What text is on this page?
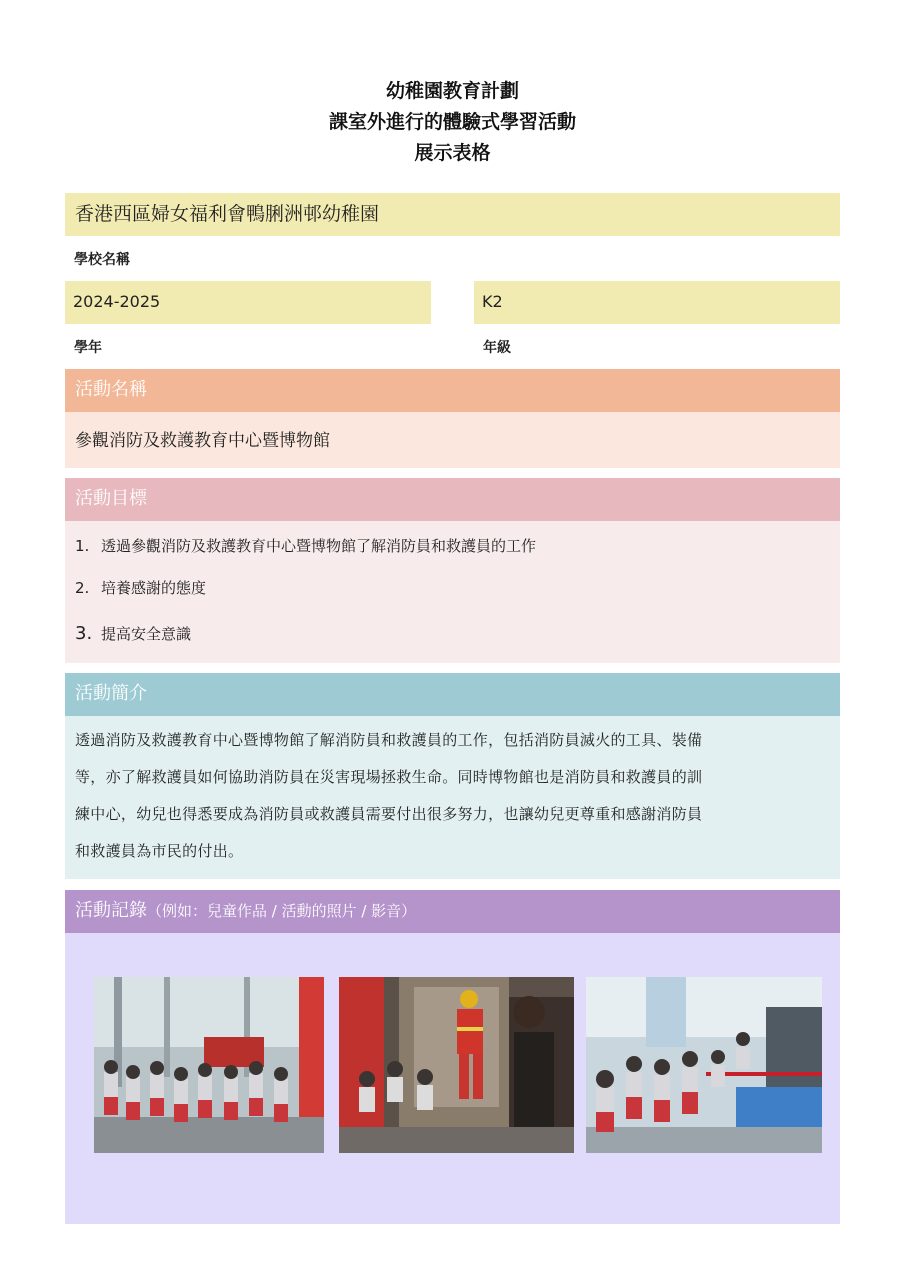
幼稚園教育計劃
課室外進行的體驗式學習活動
展示表格
香港西區婦女福利會鴨脷洲邨幼稚園
學校名稱
2024-2025
學年
K2
年級
活動名稱
參觀消防及救護教育中心暨博物館
活動目標
1. 透過參觀消防及救護教育中心暨博物館了解消防員和救護員的工作
2. 培養感謝的態度
3. 提高安全意識
活動簡介
透過消防及救護教育中心暨博物館了解消防員和救護員的工作，包括消防員滅火的工具、裝備
等，亦了解救護員如何協助消防員在災害現場拯救生命。同時博物館也是消防員和救護員的訓
練中心，幼兒也得悉要成為消防員或救護員需要付出很多努力，也讓幼兒更尊重和感謝消防員
和救護員為市民的付出。
活動記錄（例如：兒童作品 / 活動的照片 / 影音）
